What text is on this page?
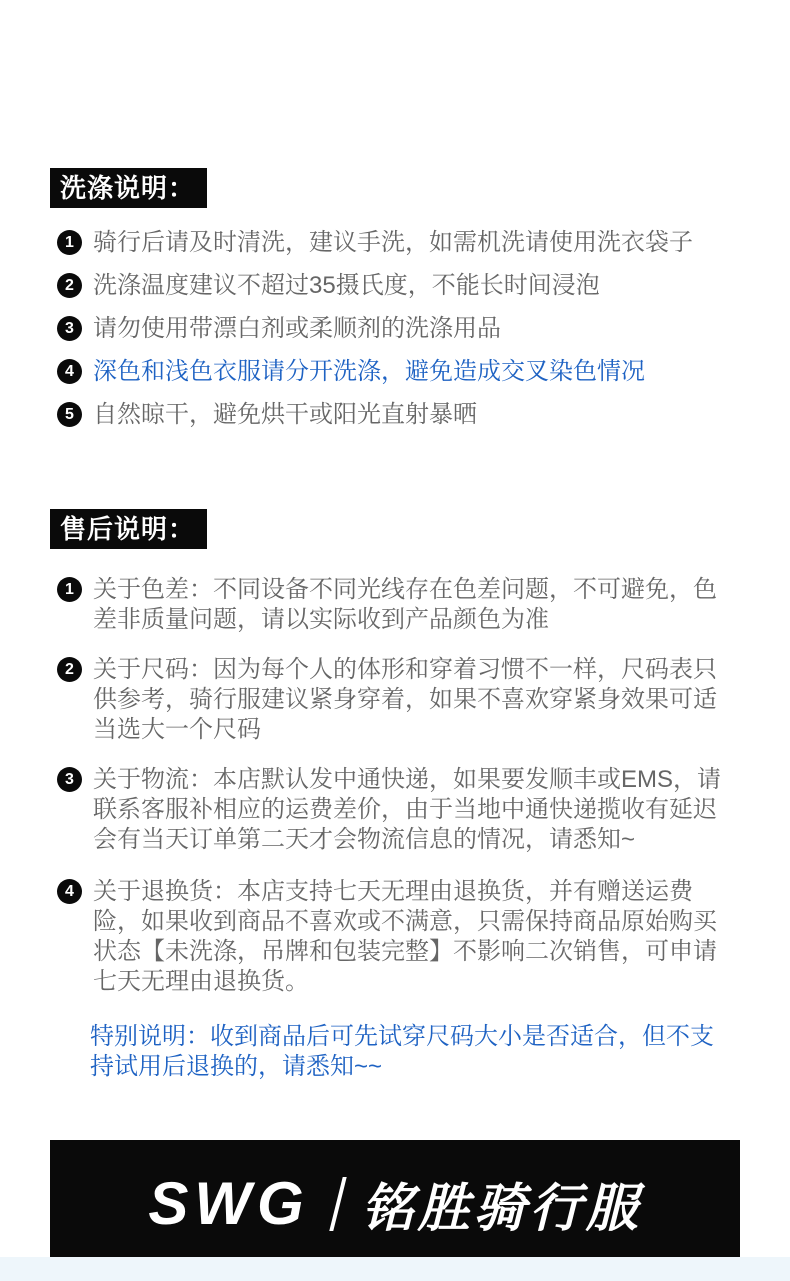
洗涤说明：
1 骑行后请及时清洗，建议手洗，如需机洗请使用洗衣袋子
2 洗涤温度建议不超过35摄氏度，不能长时间浸泡
3 请勿使用带漂白剂或柔顺剂的洗涤用品
4 深色和浅色衣服请分开洗涤，避免造成交叉染色情况
5 自然晾干，避免烘干或阳光直射暴晒
售后说明：
1 关于色差：不同设备不同光线存在色差问题，不可避免，色差非质量问题，请以实际收到产品颜色为准
2 关于尺码：因为每个人的体形和穿着习惯不一样，尺码表只供参考，骑行服建议紧身穿着，如果不喜欢穿紧身效果可适当选大一个尺码
3 关于物流：本店默认发中通快递，如果要发顺丰或EMS，请联系客服补相应的运费差价，由于当地中通快递揽收有延迟会有当天订单第二天才会物流信息的情况，请悉知~
4 关于退换货：本店支持七天无理由退换货，并有赠送运费险，如果收到商品不喜欢或不满意，只需保持商品原始购买状态【未洗涤，吊牌和包装完整】不影响二次销售，可申请七天无理由退换货。

特别说明：收到商品后可先试穿尺码大小是否适合，但不支持试用后退换的，请悉知~~

SWG 铭胜骑行服
